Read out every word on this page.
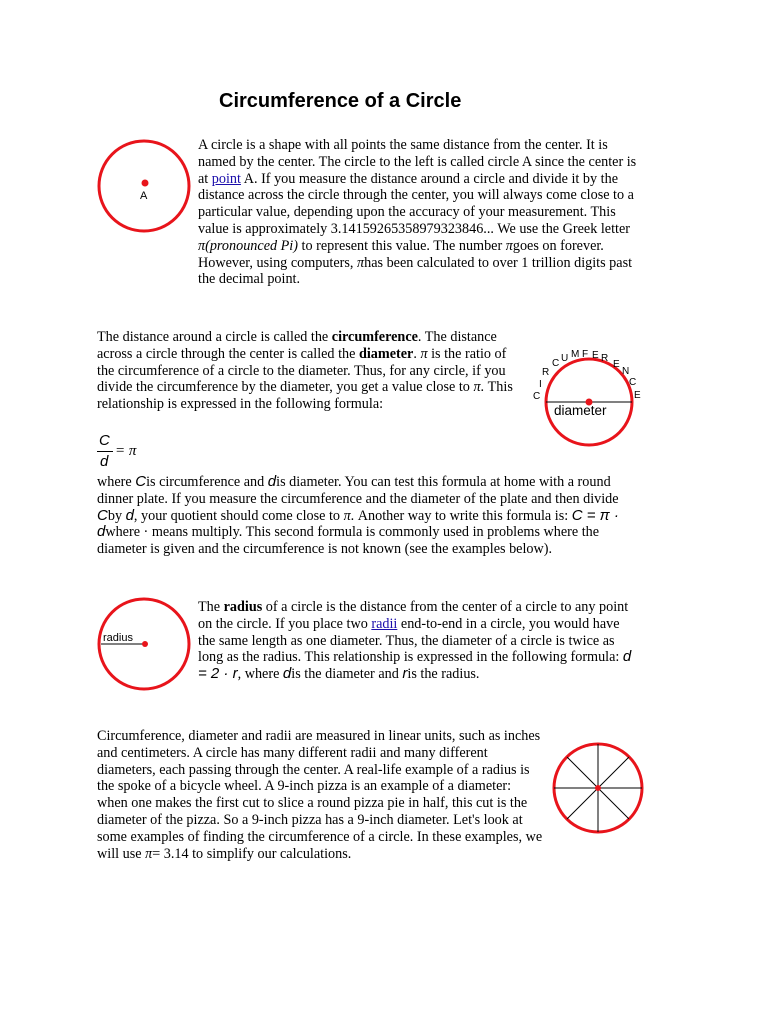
Circumference of a Circle
A

A circle is a shape with all points the same distance from the center. It is named by the center. The circle to the left is called circle A since the center is at point A. If you measure the distance around a circle and divide it by the distance across the circle through the center, you will always come close to a particular value, depending upon the accuracy of your measurement. This value is approximately 3.14159265358979323846... We use the Greek letter π(pronounced Pi) to represent this value. The number πgoes on forever. However, using computers, πhas been calculated to over 1 trillion digits past the decimal point.

The distance around a circle is called the circumference. The distance across a circle through the center is called the diameter. π is the ratio of the circumference of a circle to the diameter. Thus, for any circle, if you divide the circumference by the diameter, you get a value close to π. This relationship is expressed in the following formula:	diameter
C
I
R
C U M F E R
E
N
C
E
C
d
= π

where Cis circumference and dis diameter. You can test this formula at home with a round dinner plate. If you measure the circumference and the diameter of the plate and then divide Cby d, your quotient should come close to π. Another way to write this formula is: C = π · dwhere · means multiply. This second formula is commonly used in problems where the diameter is given and the circumference is not known (see the examples below).

radius

The radius of a circle is the distance from the center of a circle to any point on the circle. If you place two radii end-to-end in a circle, you would have the same length as one diameter. Thus, the diameter of a circle is twice as long as the radius. This relationship is expressed in the following formula: d = 2 · r, where dis the diameter and ris the radius.

Circumference, diameter and radii are measured in linear units, such as inches and centimeters. A circle has many different radii and many different diameters, each passing through the center. A real-life example of a radius is the spoke of a bicycle wheel. A 9-inch pizza is an example of a diameter: when one makes the first cut to slice a round pizza pie in half, this cut is the diameter of the pizza. So a 9-inch pizza has a 9-inch diameter. Let's look at some examples of finding the circumference of a circle. In these examples, we will use π= 3.14 to simplify our calculations.
